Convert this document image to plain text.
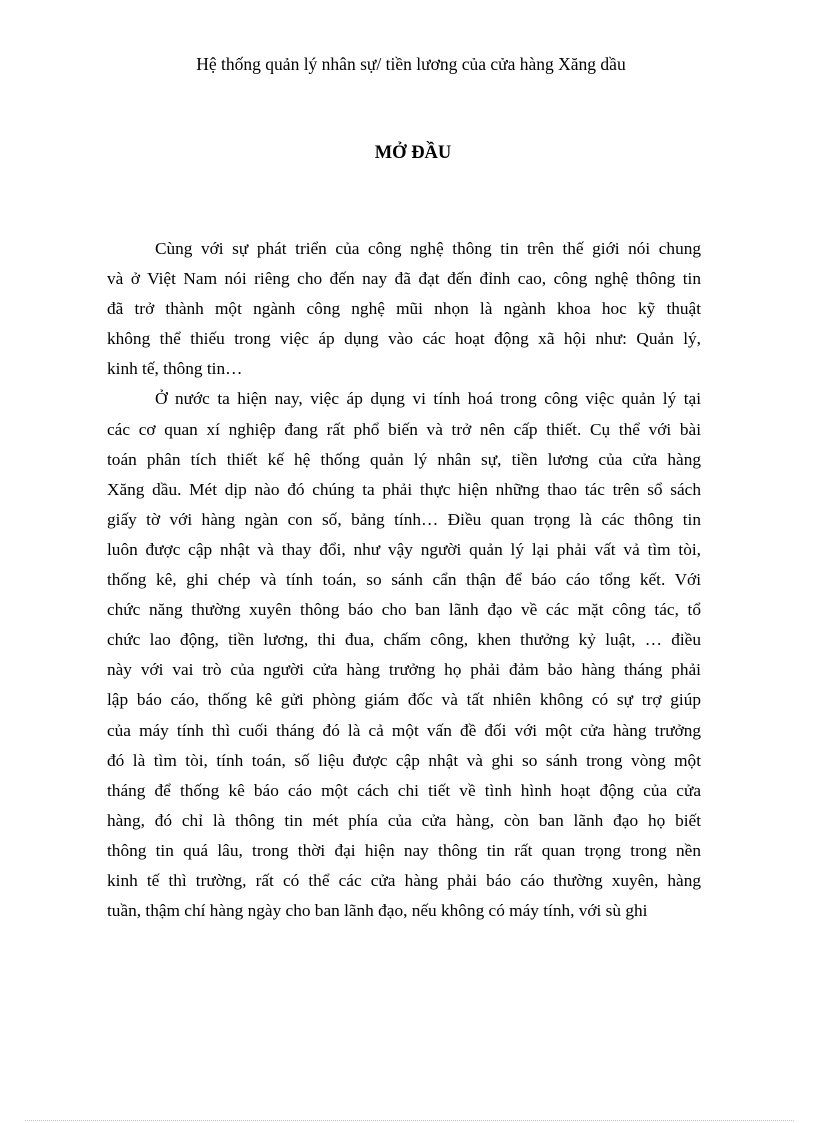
Hệ thống quản lý nhân sự/ tiền lương của cửa hàng Xăng dầu
MỞ ĐẦU

Cùng với sự phát triển của công nghệ thông tin trên thế giới nói chung
và ở Việt Nam nói riêng cho đến nay đã đạt đến đỉnh cao, công nghệ thông tin
đã trở thành một ngành công nghệ mũi nhọn là ngành khoa hoc kỹ thuật
không thể thiếu trong việc áp dụng vào các hoạt động xã hội như: Quản lý,
kinh tế, thông tin…

Ở nước ta hiện nay, việc áp dụng vi tính hoá trong công việc quản lý tại
các cơ quan xí nghiệp đang rất phổ biến và trở nên cấp thiết. Cụ thể với bài
toán phân tích thiết kế hệ thống quản lý nhân sự, tiền lương của cửa hàng
Xăng dầu. Mét dịp nào đó chúng ta phải thực hiện những thao tác trên sổ sách
giấy tờ với hàng ngàn con số, bảng tính… Điều quan trọng là các thông tin
luôn được cập nhật và thay đổi, như vậy người quản lý lại phải vất vả tìm tòi,
thống kê, ghi chép và tính toán, so sánh cẩn thận để báo cáo tổng kết. Với
chức năng thường xuyên thông báo cho ban lãnh đạo về các mặt công tác, tổ
chức lao động, tiền lương, thi đua, chấm công, khen thưởng kỷ luật, … điều
này với vai trò của người cửa hàng trưởng họ phải đảm bảo hàng tháng phải
lập báo cáo, thống kê gửi phòng giám đốc và tất nhiên không có sự trợ giúp
của máy tính thì cuối tháng đó là cả một vấn đề đối với một cửa hàng trưởng
đó là tìm tòi, tính toán, số liệu được cập nhật và ghi so sánh trong vòng một
tháng để thống kê báo cáo một cách chi tiết về tình hình hoạt động của cửa
hàng, đó chỉ là thông tin mét phía của cửa hàng, còn ban lãnh đạo họ biết
thông tin quá lâu, trong thời đại hiện nay thông tin rất quan trọng trong nền
kinh tế thì trường, rất có thể các cửa hàng phải báo cáo thường xuyên, hàng
tuần, thậm chí hàng ngày cho ban lãnh đạo, nếu không có máy tính, với sù ghi
